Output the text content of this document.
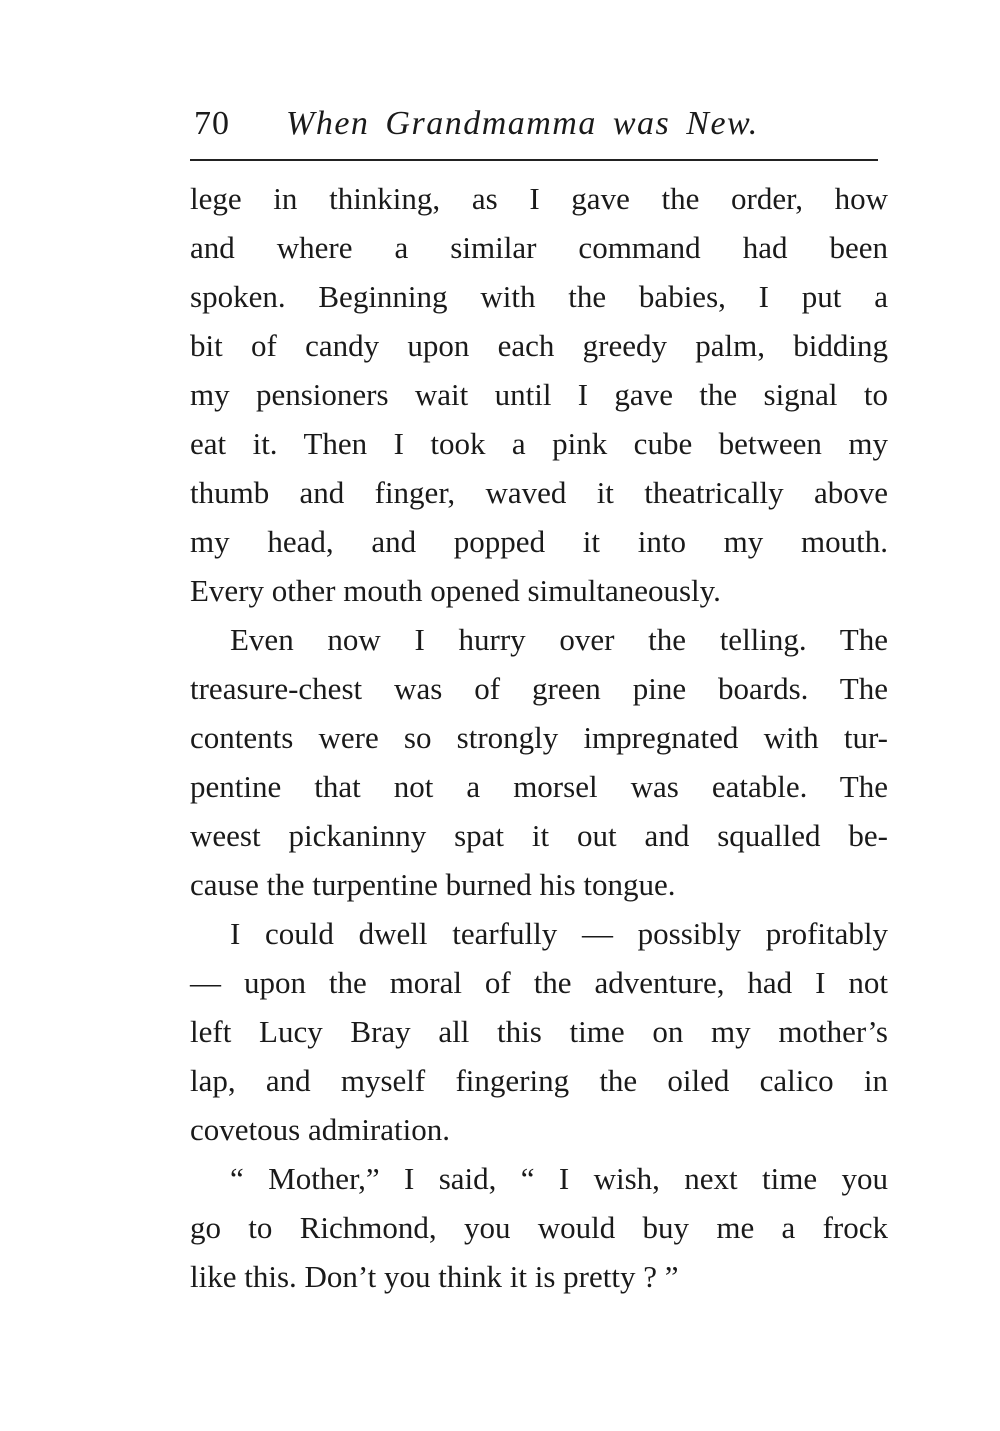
70 When Grandmamma was New.
lege in thinking, as I gave the order, how
and where a similar command had been
spoken. Beginning with the babies, I put a
bit of candy upon each greedy palm, bidding
my pensioners wait until I gave the signal to
eat it. Then I took a pink cube between my
thumb and finger, waved it theatrically above
my head, and popped it into my mouth.
Every other mouth opened simultaneously.
Even now I hurry over the telling. The
treasure-chest was of green pine boards. The
contents were so strongly impregnated with tur-
pentine that not a morsel was eatable. The
weest pickaninny spat it out and squalled be-
cause the turpentine burned his tongue.
I could dwell tearfully — possibly profitably
— upon the moral of the adventure, had I not
left Lucy Bray all this time on my mother’s
lap, and myself fingering the oiled calico in
covetous admiration.
“ Mother,” I said, “ I wish, next time you
go to Richmond, you would buy me a frock
like this. Don’t you think it is pretty ? ”
